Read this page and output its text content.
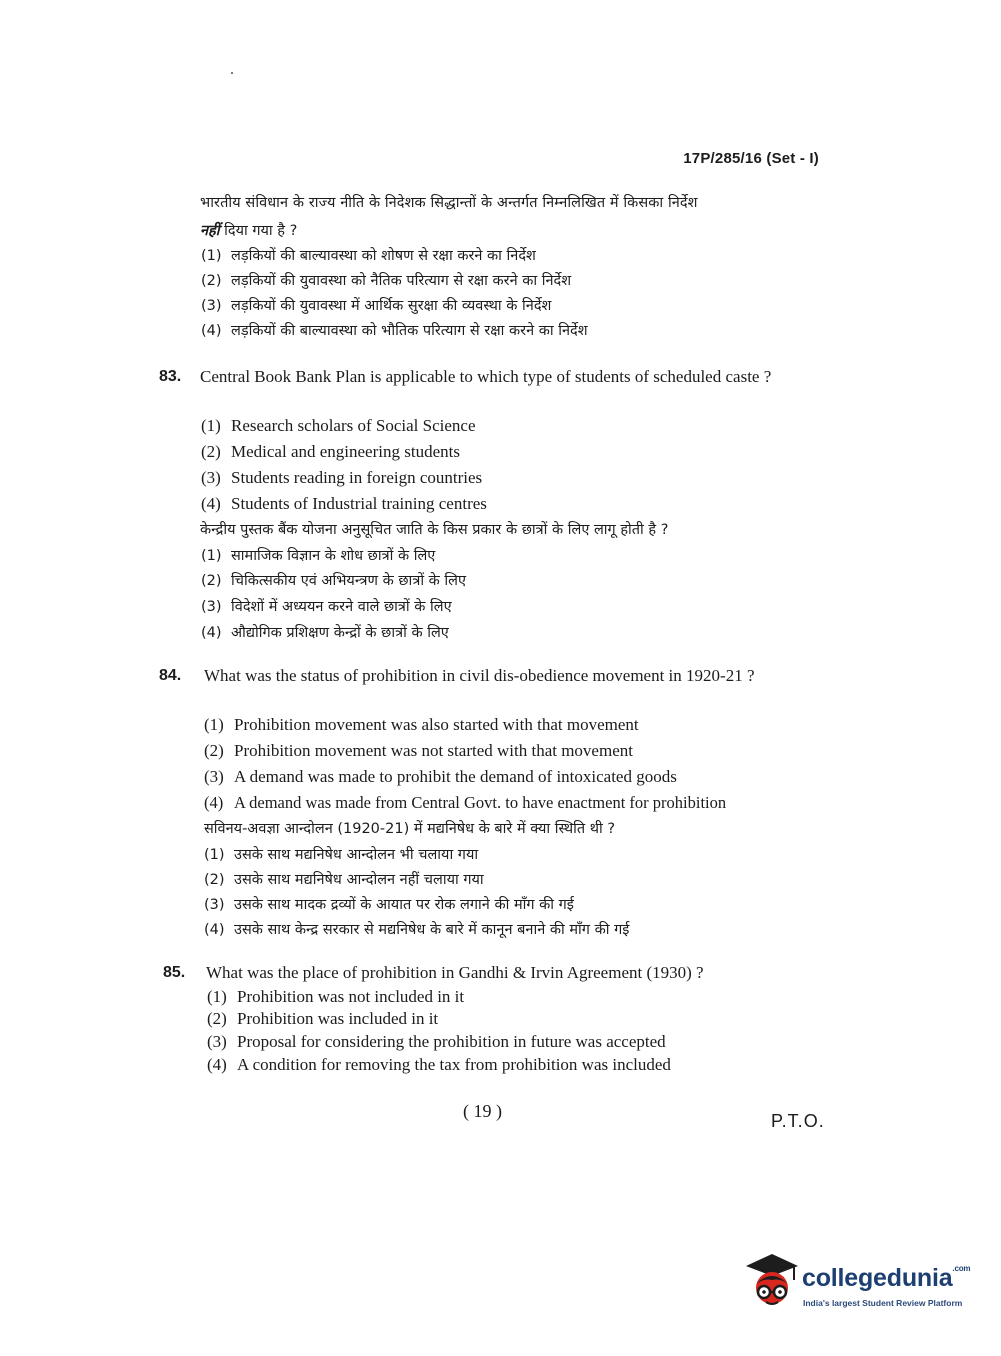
17P/285/16 (Set - I)
भारतीय संविधान के राज्य नीति के निदेशक सिद्धान्तों के अन्तर्गत निम्नलिखित में किसका निर्देश
नहीं दिया गया है ?
(1) लड़कियों की बाल्यावस्था को शोषण से रक्षा करने का निर्देश
(2) लड़कियों की युवावस्था को नैतिक परित्याग से रक्षा करने का निर्देश
(3) लड़कियों की युवावस्था में आर्थिक सुरक्षा की व्यवस्था के निर्देश
(4) लड़कियों की बाल्यावस्था को भौतिक परित्याग से रक्षा करने का निर्देश
83. Central Book Bank Plan is applicable to which type of students of scheduled caste ?
(1) Research scholars of Social Science
(2) Medical and engineering students
(3) Students reading in foreign countries
(4) Students of Industrial training centres
केन्द्रीय पुस्तक बैंक योजना अनुसूचित जाति के किस प्रकार के छात्रों के लिए लागू होती है ?
(1) सामाजिक विज्ञान के शोध छात्रों के लिए
(2) चिकित्सकीय एवं अभियन्त्रण के छात्रों के लिए
(3) विदेशों में अध्ययन करने वाले छात्रों के लिए
(4) औद्योगिक प्रशिक्षण केन्द्रों के छात्रों के लिए
84. What was the status of prohibition in civil dis-obedience movement in 1920-21 ?
(1) Prohibition movement was also started with that movement
(2) Prohibition movement was not started with that movement
(3) A demand was made to prohibit the demand of intoxicated goods
(4) A demand was made from Central Govt. to have enactment for prohibition
सविनय-अवज्ञा आन्दोलन (1920-21) में मद्यनिषेध के बारे में क्या स्थिति थी ?
(1) उसके साथ मद्यनिषेध आन्दोलन भी चलाया गया
(2) उसके साथ मद्यनिषेध आन्दोलन नहीं चलाया गया
(3) उसके साथ मादक द्रव्यों के आयात पर रोक लगाने की माँग की गई
(4) उसके साथ केन्द्र सरकार से मद्यनिषेध के बारे में कानून बनाने की माँग की गई
85. What was the place of prohibition in Gandhi & Irvin Agreement (1930) ?
(1) Prohibition was not included in it
(2) Prohibition was included in it
(3) Proposal for considering the prohibition in future was accepted
(4) A condition for removing the tax from prohibition was included
( 19 )	P.T.O.
collegedunia$^{.com}$
India's largest Student Review Platform
